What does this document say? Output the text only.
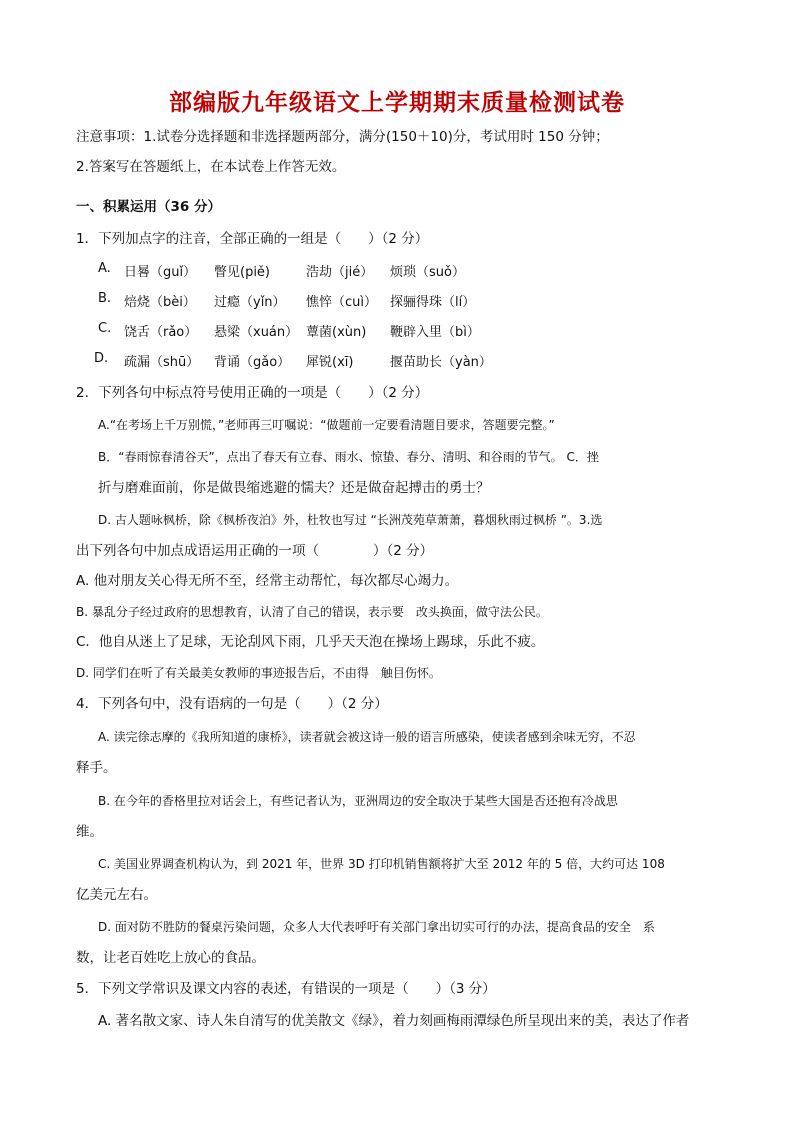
部编版九年级语文上学期期末质量检测试卷
注意事项：1.试卷分选择题和非选择题两部分，满分(150＋10)分，考试用时 150 分钟；
2.答案写在答题纸上，在本试卷上作答无效。
一、积累运用（36 分）
1．下列加点字的注音，全部正确的一组是（　　）（2 分）
A. 日晷（guǐ） 瞥见(piě)	浩劫（jié） 烦琐（suǒ）
B. 焙烧（bèi） 过瘾（yǐn） 憔悴（cuì） 探骊得珠（lí）
C. 饶舌（rǎo） 悬梁（xuán） 蕈菌(xùn) 鞭辟入里（bì）
D. 疏漏（shū） 背诵（gǎo） 犀锐(xī)	揠苗助长（yàn）
2．下列各句中标点符号使用正确的一项是（　　）（2 分）
A.“在考场上千万别慌，”老师再三叮嘱说：“做题前一定要看清题目要求，答题要完整。”
B．“春雨惊春清谷天”，点出了春天有立春、雨水、惊蛰、春分、清明、和谷雨的节气。 C．挫
折与磨难面前，你是做畏缩逃避的懦夫？还是做奋起搏击的勇士？
D. 古人题咏枫桥，除《枫桥夜泊》外，杜牧也写过 “长洲茂苑草萧萧，暮烟秋雨过枫桥 ”。3.选
出下列各句中加点成语运用正确的一项（　　　　）（2 分）
A. 他对朋友关心得无所不至，经常主动帮忙，每次都尽心竭力。
B. 暴乱分子经过政府的思想教育，认清了自己的错误，表示要　改头换面，做守法公民。
C．他自从迷上了足球，无论刮风下雨，几乎天天泡在操场上踢球，乐此不疲。
D. 同学们在听了有关最美女教师的事迹报告后，不由得　触目伤怀。
4．下列各句中，没有语病的一句是（　　）（2 分）
A. 读完徐志摩的《我所知道的康桥》，读者就会被这诗一般的语言所感染，使读者感到余味无穷，不忍
释手。
B. 在今年的香格里拉对话会上，有些记者认为，亚洲周边的安全取决于某些大国是否还抱有冷战思
维。
C. 美国业界调查机构认为，到 2021 年，世界 3D 打印机销售额将扩大至 2012 年的 5 倍，大约可达 108
亿美元左右。
D. 面对防不胜防的餐桌污染问题，众多人大代表呼吁有关部门拿出切实可行的办法，提高食品的安全　系
数，让老百姓吃上放心的食品。
5．下列文学常识及课文内容的表述，有错误的一项是（　　）（3 分）
A. 著名散文家、诗人朱自清写的优美散文《绿》，着力刻画梅雨潭绿色所呈现出来的美，表达了作者
